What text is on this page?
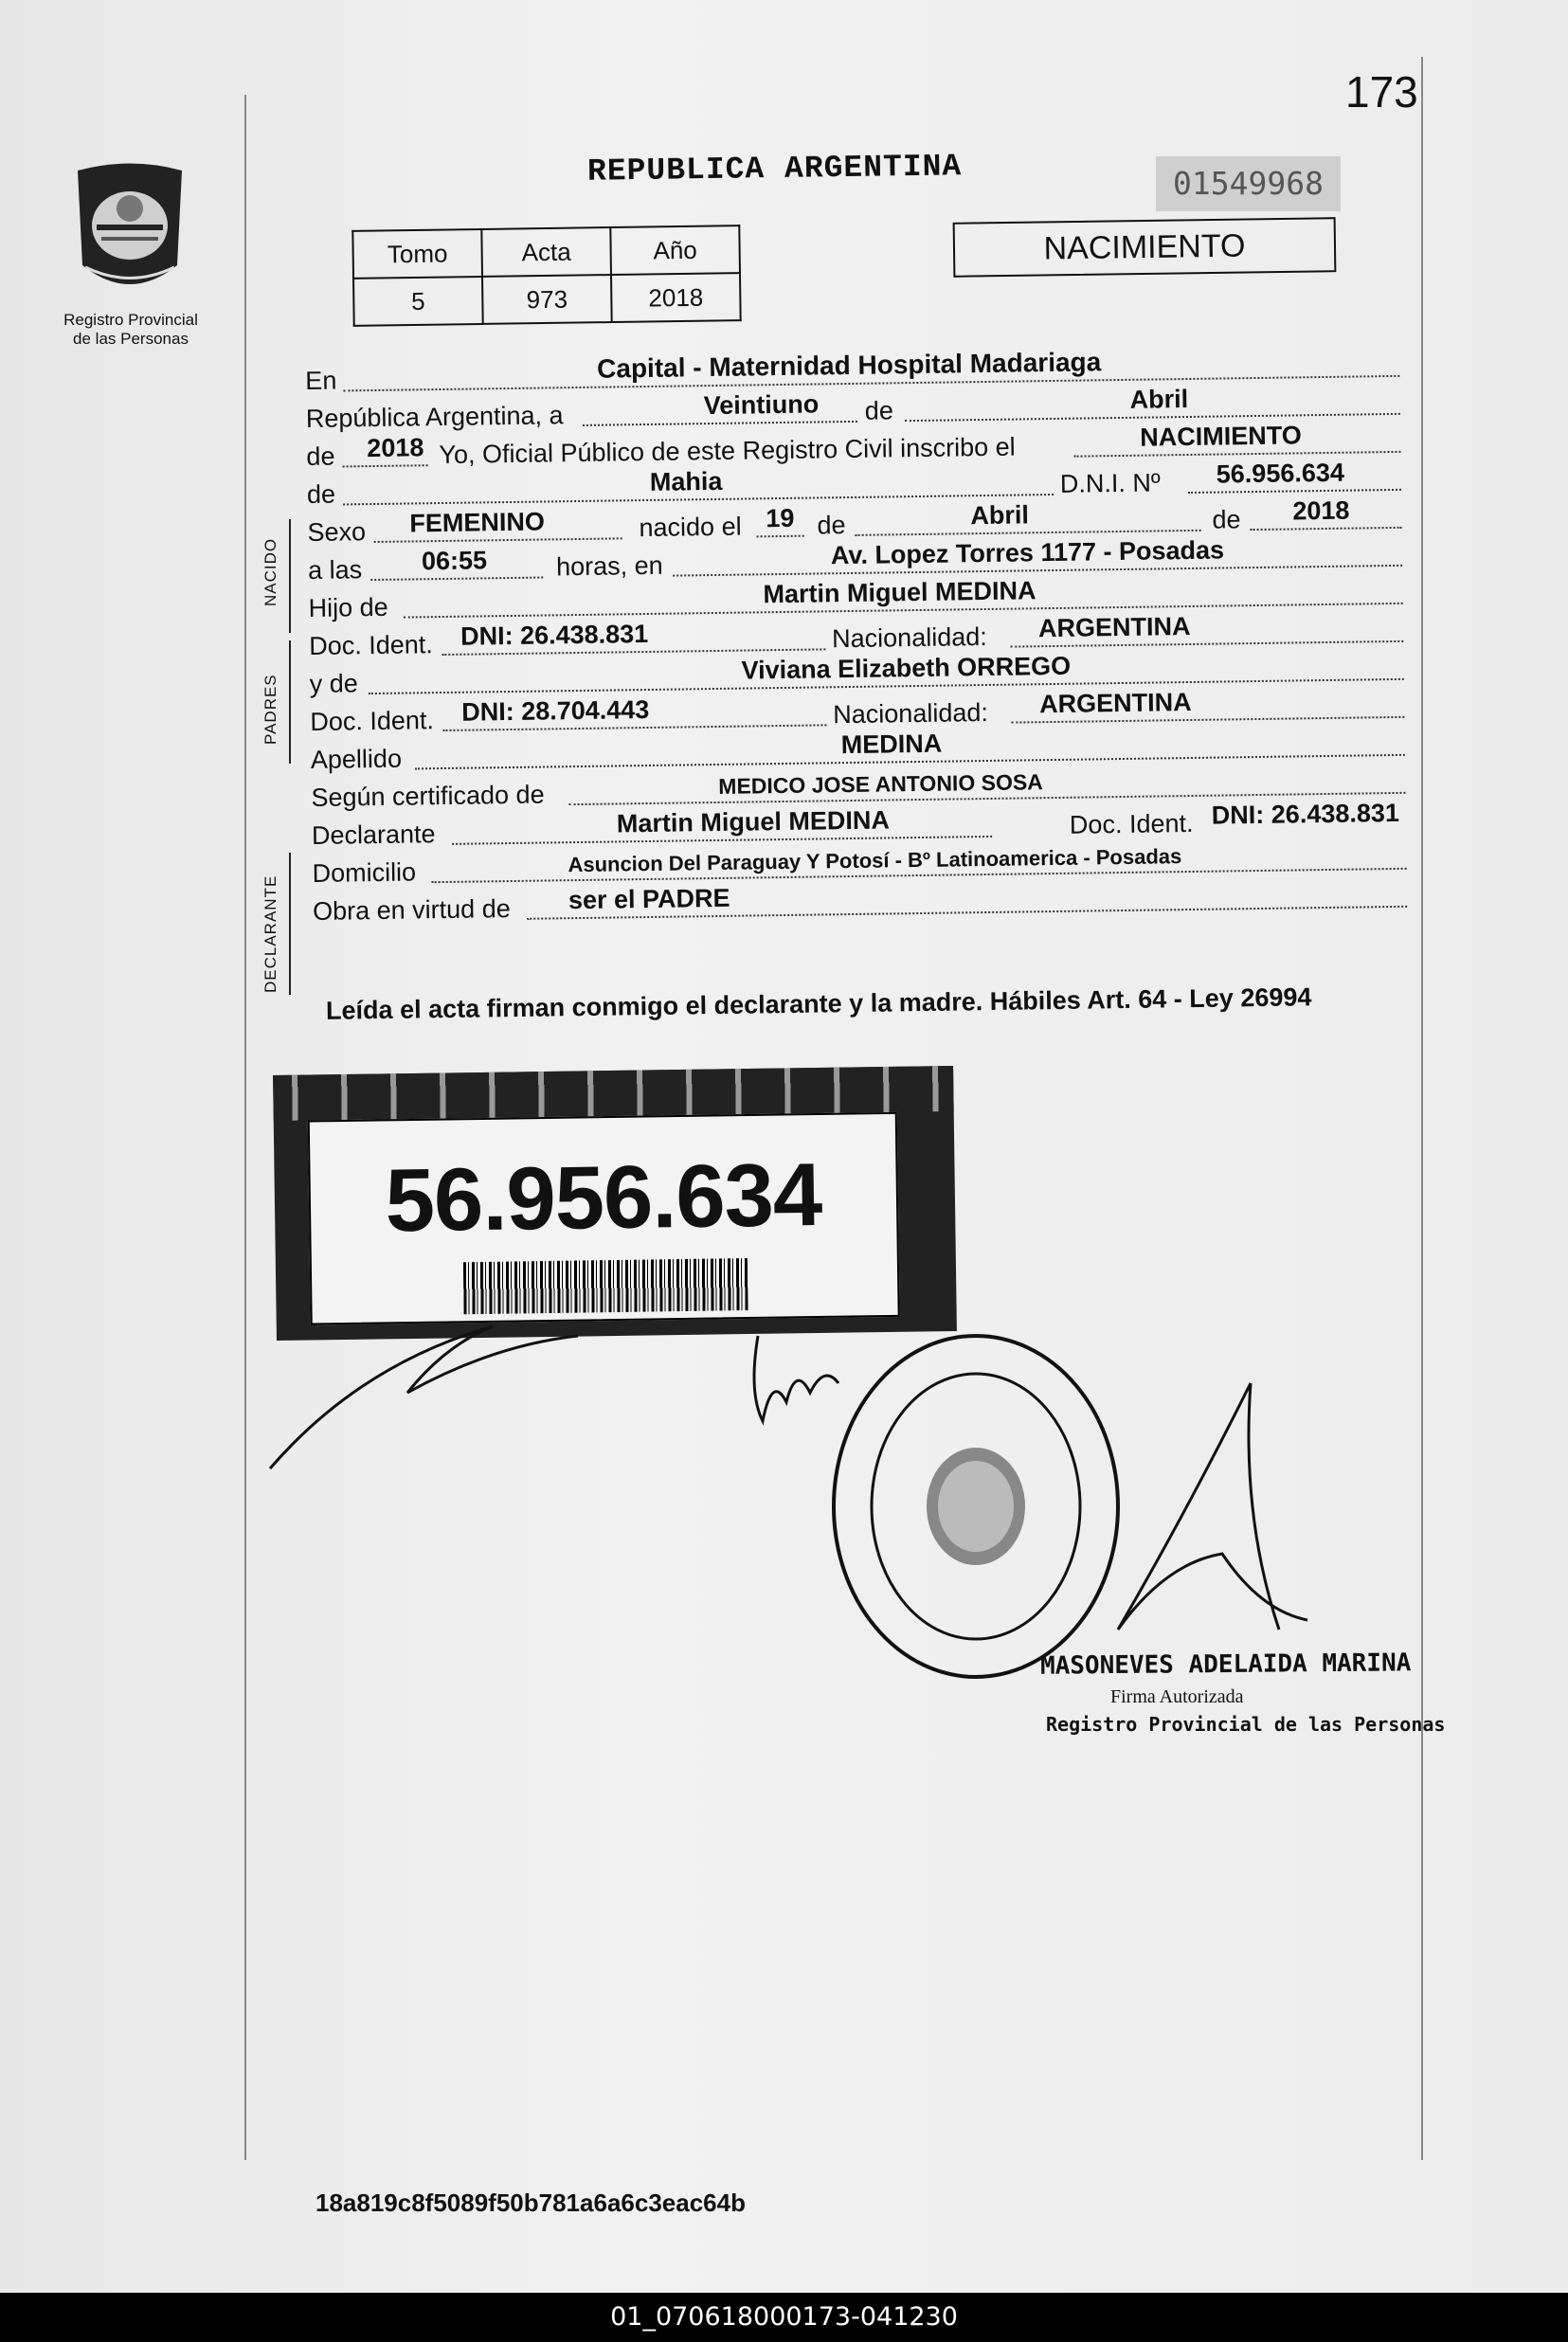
173
Registro Provincial
de las Personas
REPUBLICA ARGENTINA	01549968
NACIMIENTO
Tomo	Acta	Año
5	973	2018
NACIDO
PADRES
DECLARANTE
En	Capital - Maternidad Hospital Madariaga
República Argentina, a	Veintiuno de	Abril
de 2018 Yo, Oficial Público de este Registro Civil inscribo el	NACIMIENTO
de	Mahia	D.N.I. Nº 56.956.634
Sexo FEMENINO	nacido el 19 de	Abril	de 2018
a las 06:55	horas, en	Av. Lopez Torres 1177 - Posadas
Hijo de	Martin Miguel MEDINA
Doc. Ident. DNI: 26.438.831	Nacionalidad: ARGENTINA
y de	Viviana Elizabeth ORREGO
Doc. Ident. DNI: 28.704.443	Nacionalidad: ARGENTINA
Apellido
MEDINA
Según certificado de	MEDICO JOSE ANTONIO SOSA
Declarante	Martin Miguel MEDINA	Doc. Ident. DNI: 26.438.831
Domicilio	Asuncion Del Paraguay Y Potosí - Bº Latinoamerica - Posadas
Obra en virtud de ser el PADRE
Leída el acta firman conmigo el declarante y la madre. Hábiles Art. 64 - Ley 26994
56.956.634
MASONEVES ADELAIDA MARINA
Firma Autorizada
Registro Provincial de las Personas
18a819c8f5089f50b781a6a6c3eac64b
01_070618000173-041230
